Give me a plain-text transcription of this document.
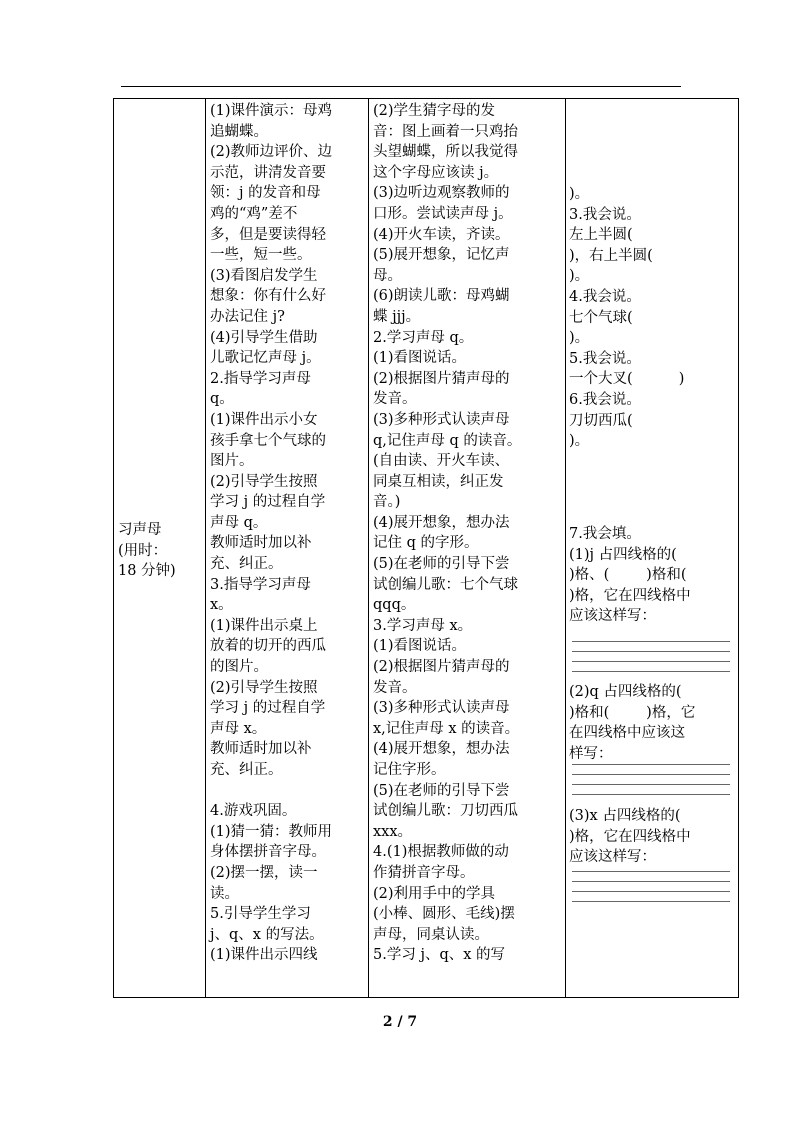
习声母
(用时：
18 分钟)
(1)课件演示：母鸡
追蝴蝶。
(2)教师边评价、边
示范，讲清发音要
领：j 的发音和母
鸡的“鸡”差不
多，但是要读得轻
一些，短一些。
(3)看图启发学生
想象：你有什么好
办法记住 j?
(4)引导学生借助
儿歌记忆声母 j。
2.指导学习声母
q。
(1)课件出示小女
孩手拿七个气球的
图片。
(2)引导学生按照
学习 j 的过程自学
声母 q。
教师适时加以补
充、纠正。
3.指导学习声母
x。
(1)课件出示桌上
放着的切开的西瓜
的图片。
(2)引导学生按照
学习 j 的过程自学
声母 x。
教师适时加以补
充、纠正。

4.游戏巩固。
(1)猜一猜：教师用
身体摆拼音字母。
(2)摆一摆，读一
读。
5.引导学生学习
j、q、x 的写法。
(1)课件出示四线
(2)学生猜字母的发
音：图上画着一只鸡抬
头望蝴蝶，所以我觉得
这个字母应该读 j。
(3)边听边观察教师的
口形。尝试读声母 j。
(4)开火车读，齐读。
(5)展开想象，记忆声
母。
(6)朗读儿歌：母鸡蝴
蝶 jjj。
2.学习声母 q。
(1)看图说话。
(2)根据图片猜声母的
发音。
(3)多种形式认读声母
q,记住声母 q 的读音。
(自由读、开火车读、
同桌互相读，纠正发
音。)
(4)展开想象，想办法
记住 q 的字形。
(5)在老师的引导下尝
试创编儿歌：七个气球
qqq。
3.学习声母 x。
(1)看图说话。
(2)根据图片猜声母的
发音。
(3)多种形式认读声母
x,记住声母 x 的读音。
(4)展开想象，想办法
记住字形。
(5)在老师的引导下尝
试创编儿歌：刀切西瓜
xxx。
4.(1)根据教师做的动
作猜拼音字母。
(2)利用手中的学具
(小棒、圆形、毛线)摆
声母，同桌认读。
5.学习 j、q、x 的写
)。
3.我会说。
左上半圆(
)，右上半圆(
)。
4.我会说。
七个气球(
)。
5.我会说。
一个大叉(          )
6.我会说。
刀切西瓜(
)。
7.我会填。
(1)j 占四线格的(
)格、(        )格和(
)格，它在四线格中
应该这样写：
(2)q 占四线格的(
)格和(        )格，它
在四线格中应该这
样写：
(3)x 占四线格的(
)格，它在四线格中
应该这样写：
2 / 7
